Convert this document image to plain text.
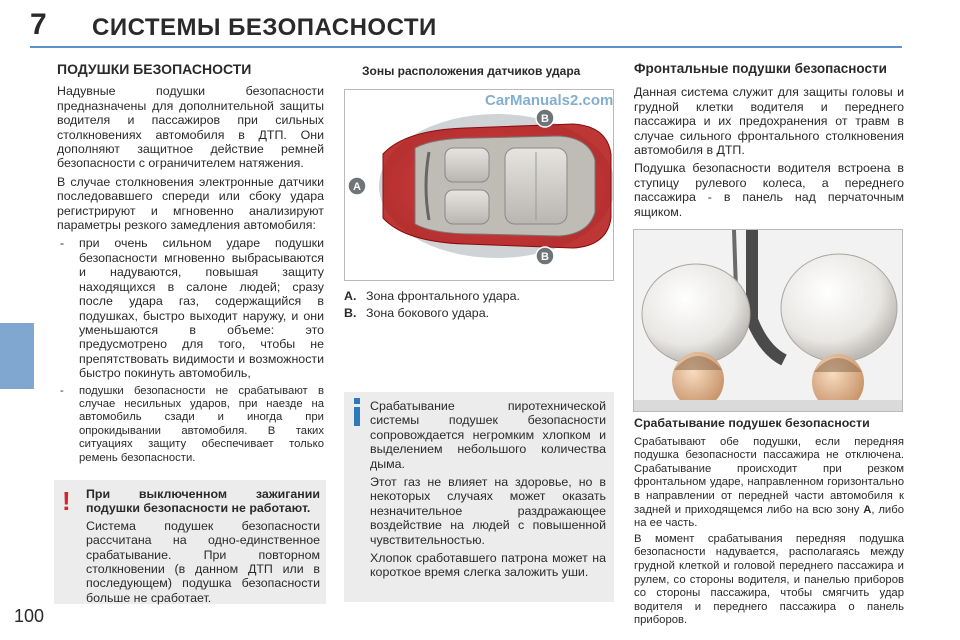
7 СИСТЕМЫ БЕЗОПАСНОСТИ
100
ПОДУШКИ БЕЗОПАСНОСТИ

Надувные подушки безопасности предназначены для дополнительной защиты водителя и пассажиров при сильных столкновениях автомобиля в ДТП. Они дополняют защитное действие ремней безопасности с ограничителем натяжения.

В случае столкновения электронные датчики последовавшего спереди или сбоку удара регистрируют и мгновенно анализируют параметры резкого замедления автомобиля:

- при очень сильном ударе подушки безопасности мгновенно выбрасываются и надуваются, повышая защиту находящихся в салоне людей; сразу после удара газ, содержащийся в подушках, быстро выходит наружу, и они уменьшаются в объеме: это предусмотрено для того, чтобы не препятствовать видимости и возможности быстро покинуть автомобиль,
- подушки безопасности не срабатывают в случае несильных ударов, при наезде на автомобиль сзади и иногда при опрокидывании автомобиля. В таких ситуациях защиту обеспечивает только ремень безопасности.
! При выключенном зажигании подушки безопасности не работают.

Система подушек безопасности рассчитана на одно-единственное срабатывание. При повторном столкновении (в данном ДТП или в последующем) подушка безопасности больше не сработает.

Зоны расположения датчиков удара
A
B
B
CarManuals2.com
A. Зона фронтального удара.
B. Зона бокового удара.

Срабатывание пиротехнической системы подушек безопасности сопровождается негромким хлопком и выделением небольшого количества дыма.

Этот газ не влияет на здоровье, но в некоторых случаях может оказать незначительное раздражающее воздействие на людей с повышенной чувствительностью.

Хлопок сработавшего патрона может на короткое время слегка заложить уши.

Фронтальные подушки безопасности

Данная система служит для защиты головы и грудной клетки водителя и переднего пассажира и их предохранения от травм в случае сильного фронтального столкновения автомобиля в ДТП.

Подушка безопасности водителя встроена в ступицу рулевого колеса, а переднего пассажира - в панель над перчаточным ящиком.

Срабатывание подушек безопасности

Срабатывают обе подушки, если передняя подушка безопасности пассажира не отключена. Срабатывание происходит при резком фронтальном ударе, направленном горизонтально в направлении от передней части автомобиля к задней и приходящемся либо на всю зону A, либо на ее часть.

В момент срабатывания передняя подушка безопасности надувается, располагаясь между грудной клеткой и головой переднего пассажира и рулем, со стороны водителя, и панелью приборов со стороны пассажира, чтобы смягчить удар водителя и переднего пассажира о панель приборов.
